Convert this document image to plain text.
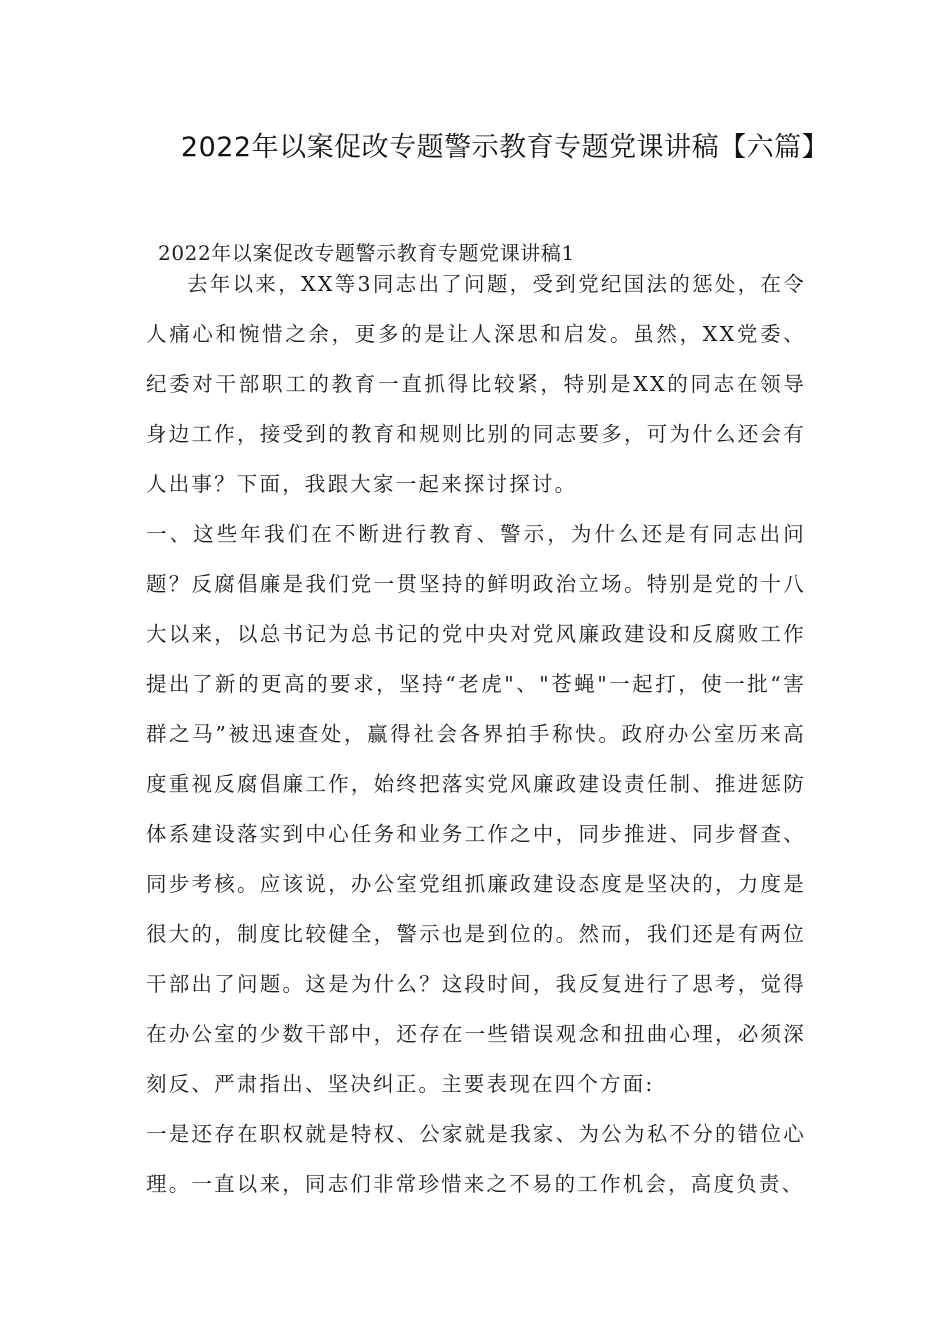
2022年以案促改专题警示教育专题党课讲稿【六篇】
2022年以案促改专题警示教育专题党课讲稿1

去年以来，XX等3同志出了问题，受到党纪国法的惩处，在令人痛心和惋惜之余，更多的是让人深思和启发。虽然，XX党委、纪委对干部职工的教育一直抓得比较紧，特别是XX的同志在领导身边工作，接受到的教育和规则比别的同志要多，可为什么还会有人出事？下面，我跟大家一起来探讨探讨。

一、这些年我们在不断进行教育、警示，为什么还是有同志出问题？反腐倡廉是我们党一贯坚持的鲜明政治立场。特别是党的十八大以来，以总书记为总书记的党中央对党风廉政建设和反腐败工作提出了新的更高的要求，坚持“老虎"、"苍蝇"一起打，使一批“害群之马”被迅速查处，赢得社会各界拍手称快。政府办公室历来高度重视反腐倡廉工作，始终把落实党风廉政建设责任制、推进惩防体系建设落实到中心任务和业务工作之中，同步推进、同步督查、同步考核。应该说，办公室党组抓廉政建设态度是坚决的，力度是很大的，制度比较健全，警示也是到位的。然而，我们还是有两位干部出了问题。这是为什么？这段时间，我反复进行了思考，觉得在办公室的少数干部中，还存在一些错误观念和扭曲心理，必须深刻反、严肃指出、坚决纠正。主要表现在四个方面:

一是还存在职权就是特权、公家就是我家、为公为私不分的错位心理。一直以来，同志们非常珍惜来之不易的工作机会，高度负责、
